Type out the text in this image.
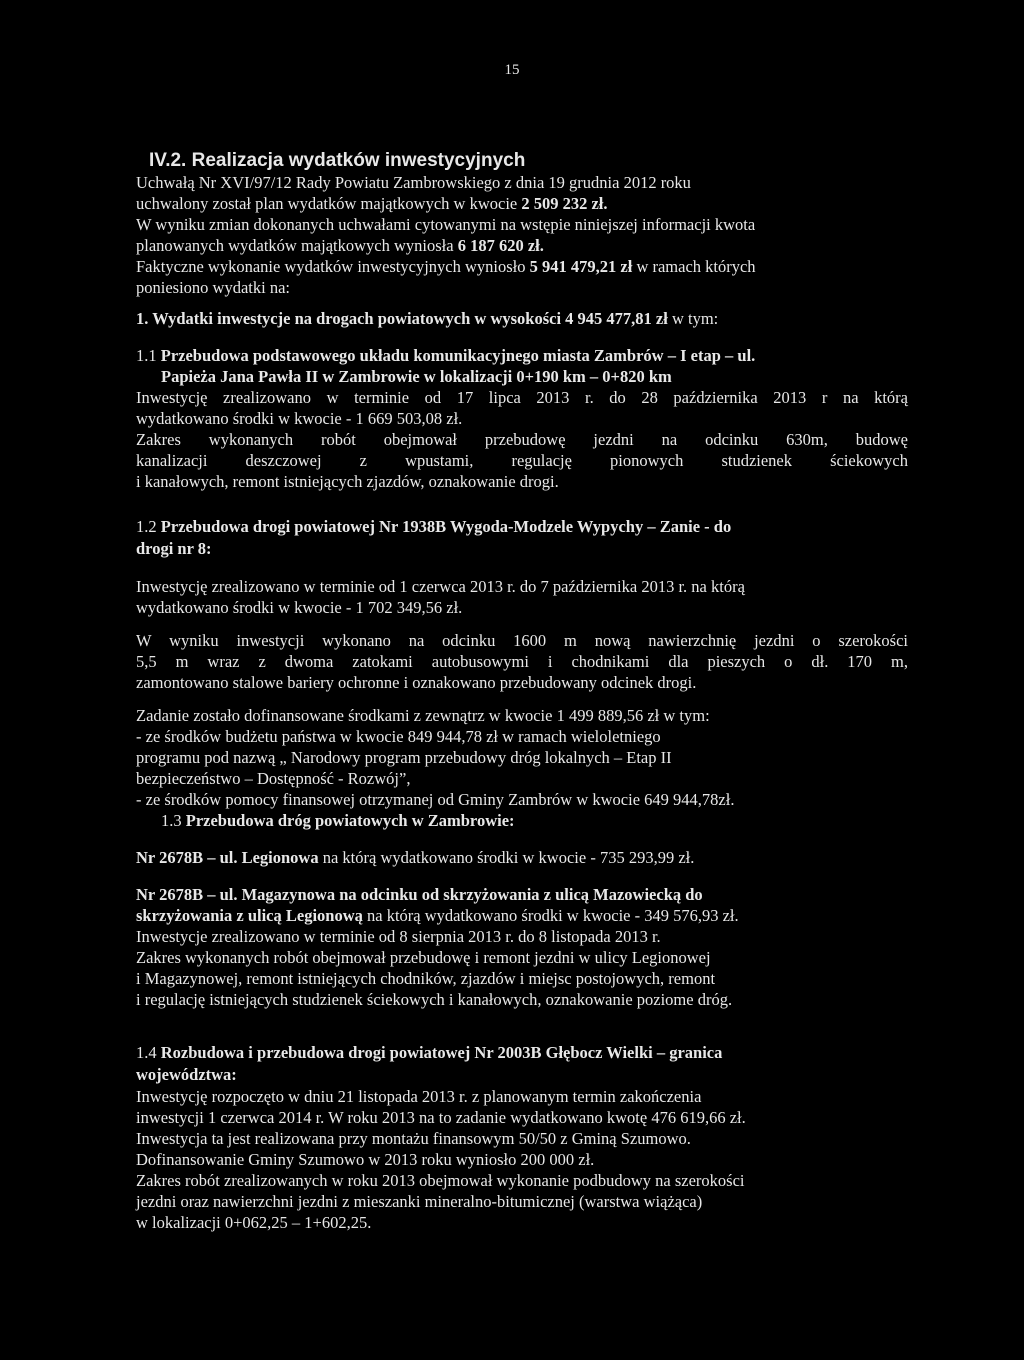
15
IV.2. Realizacja wydatków inwestycyjnych

Uchwałą Nr XVI/97/12 Rady Powiatu Zambrowskiego z dnia 19 grudnia 2012 roku

uchwalony został plan wydatków majątkowych w kwocie 2 509 232 zł.

W wyniku zmian dokonanych uchwałami cytowanymi na wstępie niniejszej informacji kwota

planowanych wydatków majątkowych wyniosła 6 187 620 zł.

Faktyczne wykonanie wydatków inwestycyjnych wyniosło 5 941 479,21 zł w ramach których

poniesiono wydatki na:

1. Wydatki inwestycje na drogach powiatowych w wysokości 4 945 477,81 zł w tym:

1.1 Przebudowa podstawowego układu komunikacyjnego miasta Zambrów – I etap – ul.

Papieża Jana Pawła II w Zambrowie w lokalizacji 0+190 km – 0+820 km

Inwestycję zrealizowano w terminie od 17 lipca 2013 r. do 28 października 2013 r na którą

wydatkowano środki w kwocie - 1 669 503,08 zł.

Zakres wykonanych robót obejmował przebudowę jezdni na odcinku 630m, budowę

kanalizacji deszczowej z wpustami, regulację pionowych studzienek ściekowych

i kanałowych, remont istniejących zjazdów, oznakowanie drogi.

1.2 Przebudowa drogi powiatowej Nr 1938B Wygoda-Modzele Wypychy – Zanie - do

drogi nr 8:

Inwestycję zrealizowano w terminie od 1 czerwca 2013 r. do 7 października 2013 r. na którą

wydatkowano środki w kwocie - 1 702 349,56 zł.

W wyniku inwestycji wykonano na odcinku 1600 m nową nawierzchnię jezdni o szerokości

5,5 m wraz z dwoma zatokami autobusowymi i chodnikami dla pieszych o dł. 170 m,

zamontowano stalowe bariery ochronne i oznakowano przebudowany odcinek drogi.

Zadanie zostało dofinansowane środkami z zewnątrz w kwocie 1 499 889,56 zł w tym:

- ze środków budżetu państwa w kwocie 849 944,78 zł w ramach wieloletniego

programu pod nazwą „ Narodowy program przebudowy dróg lokalnych – Etap II

bezpieczeństwo – Dostępność - Rozwój”,

- ze środków pomocy finansowej otrzymanej od Gminy Zambrów w kwocie 649 944,78zł.

1.3 Przebudowa dróg powiatowych w Zambrowie:

Nr 2678B – ul. Legionowa na którą wydatkowano środki w kwocie - 735 293,99 zł.

Nr 2678B – ul. Magazynowa na odcinku od skrzyżowania z ulicą Mazowiecką do

skrzyżowania z ulicą Legionową na którą wydatkowano środki w kwocie - 349 576,93 zł.

Inwestycje zrealizowano w terminie od 8 sierpnia 2013 r. do 8 listopada 2013 r.

Zakres wykonanych robót obejmował przebudowę i remont jezdni w ulicy Legionowej

i Magazynowej, remont istniejących chodników, zjazdów i miejsc postojowych, remont

i regulację istniejących studzienek ściekowych i kanałowych, oznakowanie poziome dróg.

1.4 Rozbudowa i przebudowa drogi powiatowej Nr 2003B Głębocz Wielki – granica

województwa:

Inwestycję rozpoczęto w dniu 21 listopada 2013 r. z planowanym termin zakończenia

inwestycji 1 czerwca 2014 r. W roku 2013 na to zadanie wydatkowano kwotę 476 619,66 zł.

Inwestycja ta jest realizowana przy montażu finansowym 50/50 z Gminą Szumowo.

Dofinansowanie Gminy Szumowo w 2013 roku wyniosło 200 000 zł.

Zakres robót zrealizowanych w roku 2013 obejmował wykonanie podbudowy na szerokości

jezdni oraz nawierzchni jezdni z mieszanki mineralno-bitumicznej (warstwa wiążąca)

w lokalizacji 0+062,25 – 1+602,25.
